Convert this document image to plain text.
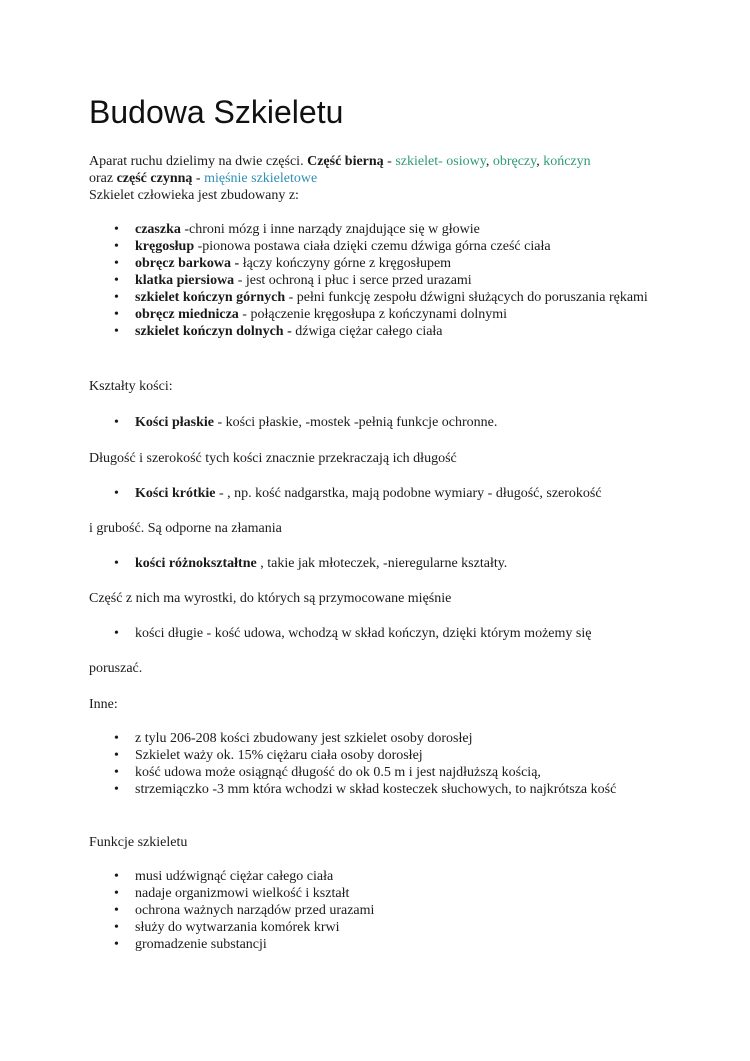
Budowa Szkieletu

Aparat ruchu dzielimy na dwie części. Część bierną - szkielet- osiowy, obręczy, kończyn

oraz część czynną - mięśnie szkieletowe

Szkielet człowieka jest zbudowany z:

• czaszka -chroni mózg i inne narządy znajdujące się w głowie
• kręgosłup -pionowa postawa ciała dzięki czemu dźwiga górna cześć ciała
• obręcz barkowa - łączy kończyny górne z kręgosłupem
• klatka piersiowa - jest ochroną i płuc i serce przed urazami
• szkielet kończyn górnych - pełni funkcję zespołu dźwigni służących do poruszania rękami
• obręcz miednicza - połączenie kręgosłupa z kończynami dolnymi
• szkielet kończyn dolnych - dźwiga ciężar całego ciała

Kształty kości:

• Kości płaskie - kości płaskie, -mostek -pełnią funkcje ochronne.

Długość i szerokość tych kości znacznie przekraczają ich długość

• Kości krótkie - , np. kość nadgarstka, mają podobne wymiary - długość, szerokość

i grubość. Są odporne na złamania

• kości różnokształtne , takie jak młoteczek, -nieregularne kształty.

Część z nich ma wyrostki, do których są przymocowane mięśnie

• kości długie - kość udowa, wchodzą w skład kończyn, dzięki którym możemy się

poruszać.

Inne:

• z tylu 206-208 kości zbudowany jest szkielet osoby dorosłej
• Szkielet waży ok. 15% ciężaru ciała osoby dorosłej
• kość udowa może osiągnąć długość do ok 0.5 m i jest najdłuższą kością,
• strzemiączko -3 mm która wchodzi w skład kosteczek słuchowych, to najkrótsza kość

Funkcje szkieletu

• musi udźwignąć ciężar całego ciała
• nadaje organizmowi wielkość i kształt
• ochrona ważnych narządów przed urazami
• służy do wytwarzania komórek krwi
• gromadzenie substancji
